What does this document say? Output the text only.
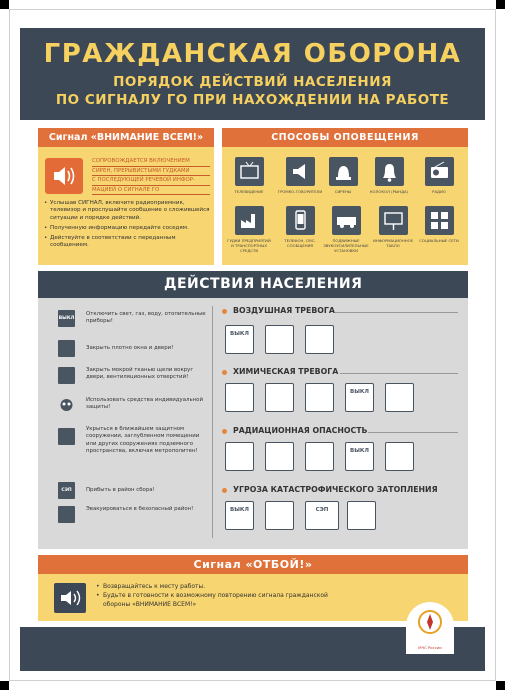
ГРАЖДАНСКАЯ ОБОРОНА
ПОРЯДОК ДЕЙСТВИЙ НАСЕЛЕНИЯ
ПО СИГНАЛУ ГО ПРИ НАХОЖДЕНИИ НА РАБОТЕ
Сигнал «ВНИМАНИЕ ВСЕМ!»
СОПРОВОЖДАЕТСЯ ВКЛЮЧЕНИЕМ
СИРЕН, ПРЕРЫВИСТЫМИ ГУДКАМИ
С ПОСЛЕДУЮЩЕЙ РЕЧЕВОЙ ИНФОР-
МАЦИЕЙ О СИГНАЛЕ ГО
• Услышав СИГНАЛ, включите радиоприемник, телевизор и прослушайте сообщение о сложившейся ситуации и порядке действий.
• Полученную информацию передайте соседям.
• Действуйте в соответствии с переданным сообщением.
СПОСОБЫ ОПОВЕЩЕНИЯ
ТЕЛЕВИДЕНИЕ	ГРОМКО-ГОВОРИТЕЛИ	СИРЕНЫ	КОЛОКОЛ (РЫНДА)	РАДИО
ГУДКИ ПРЕДПРИЯТИЙ И ТРАНСПОРТНЫХ СРЕДСТВ
ТЕЛЕФОН, СМС-СООБЩЕНИЯ
ПОДВИЖНЫЕ ЗВУКОУСИЛИТЕЛЬНЫЕ УСТАНОВКИ
ИНФОРМАЦИОННОЕ ТАБЛО
СОЦИАЛЬНЫЕ СЕТИ
ДЕЙСТВИЯ НАСЕЛЕНИЯ
ВЫКЛ
Отключить свет, газ, воду, отопительные приборы!
Закрыть плотно окна и двери!
Закрыть мокрой тканью щели вокруг двери, вентиляционных отверстий!
Использовать средства индивидуальной защиты!
Укрыться в ближайшем защитном сооружении, заглубленном помещении или других сооружениях подземного пространства, включая метрополитен!
СЭП	Прибыть в район сбора!
Эвакуироваться в безопасный район!
ВОЗДУШНАЯ ТРЕВОГА
ВЫКЛ
ХИМИЧЕСКАЯ ТРЕВОГА
ВЫКЛ
РАДИАЦИОННАЯ ОПАСНОСТЬ
ВЫКЛ
УГРОЗА КАТАСТРОФИЧЕСКОГО ЗАТОПЛЕНИЯ
ВЫКЛ	СЭП
Сигнал «ОТБОЙ!»
• Возвращайтесь к месту работы.
• Будьте в готовности к возможному повторению сигнала гражданской обороны «ВНИМАНИЕ ВСЕМ!»
МЧС России
